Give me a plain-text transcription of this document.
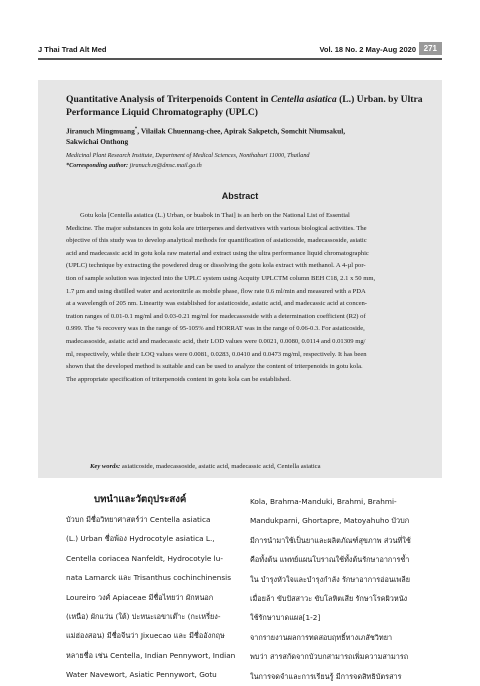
J Thai Trad Alt Med	Vol. 18 No. 2 May-Aug 2020 271
Quantitative Analysis of Triterpenoids Content in Centella asiatica (L.) Urban. by Ultra Performance Liquid Chromatography (UPLC)
Jiranuch Mingmuang*, Vilailak Chuennang-chee, Apirak Sakpetch, Somchit Niumsakul,
Sakwichai Onthong
Medicinal Plant Research Institute, Department of Medical Sciences, Nonthaburi 11000, Thailand
*Corresponding author: jiranuch.m@dmsc.mail.go.th
Abstract
Gotu kola [Centella asiatica (L.) Urban, or buabok in Thai] is an herb on the National List of Essential
Medicine. The major substances in gotu kola are triterpenes and derivatives with various biological activities. The
objective of this study was to develop analytical methods for quantification of asiaticoside, madecassoside, asiatic
acid and madecassic acid in gotu kola raw material and extract using the ultra performance liquid chromatographic
(UPLC) technique by extracting the powdered drug or dissolving the gotu kola extract with methanol. A 4-µl por-
tion of sample solution was injected into the UPLC system using Acquity UPLCTM column BEH C18, 2.1 x 50 mm,
1.7 µm and using distilled water and acetonitrile as mobile phase, flow rate 0.6 ml/min and measured with a PDA
at a wavelength of 205 nm. Linearity was established for asiaticoside, asiatic acid, and madecassic acid at concen-
tration ranges of 0.01-0.1 mg/ml and 0.03-0.21 mg/ml for madecassoside with a determination coefficient (R2) of
0.999. The % recovery was in the range of 95-105% and HORRAT was in the range of 0.06-0.3. For asiaticoside,
madecassoside, asiatic acid and madecassic acid, their LOD values were 0.0021, 0.0080, 0.0114 and 0.01309 mg/
ml, respectively, while their LOQ values were 0.0081, 0.0283, 0.0410 and 0.0473 mg/ml, respectively. It has been
shown that the developed method is suitable and can be used to analyze the content of triterpenoids in gotu kola.
The appropriate specification of triterpenoids content in gotu kola can be established.
Key words: asiaticoside, madecassoside, asiatic acid, madecassic acid, Centella asiatica
บทนำและวัตถุประสงค์
บัวบก มีชื่อวิทยาศาสตร์ว่า Centella asiatica
(L.) Urban ชื่อพ้อง Hydrocotyle asiatica L.,
Centella coriacea Nanfeldt, Hydrocotyle lu-
nata Lamarck และ Trisanthus cochinchinensis
Loureiro วงศ์ Apiaceae มีชื่อไทยว่า ผักหนอก
(เหนือ) ผักแว่น (ใต้) ปะหนะเอขาเต๊าะ (กะเหรี่ยง-
แม่ฮ่องสอน) มีชื่อจีนว่า Jixuecao และ มีชื่ออังกฤษ
หลายชื่อ เช่น Centella, Indian Pennywort, Indian
Water Navewort, Asiatic Pennywort, Gotu
Kola, Brahma-Manduki, Brahmi, Brahmi-
Mandukparni, Ghortapre, Matoyahuho บัวบก
มีการนำมาใช้เป็นยาและผลิตภัณฑ์สุขภาพ ส่วนที่ใช้
คือทั้งต้น แพทย์แผนโบราณใช้ทั้งต้นรักษาอาการช้ำ
ใน บำรุงหัวใจและบำรุงกำลัง รักษาอาการอ่อนเพลีย
เมื่อยล้า ขับปัสสาวะ ขับโลหิตเสีย รักษาโรคผิวหนัง
ใช้รักษาบาดแผล[1-2]
จากรายงานผลการทดสอบฤทธิ์ทางเภสัชวิทยา
พบว่า สารสกัดจากบัวบกสามารถเพิ่มความสามารถ
ในการจดจำและการเรียนรู้ มีการจดสิทธิบัตรสาร
